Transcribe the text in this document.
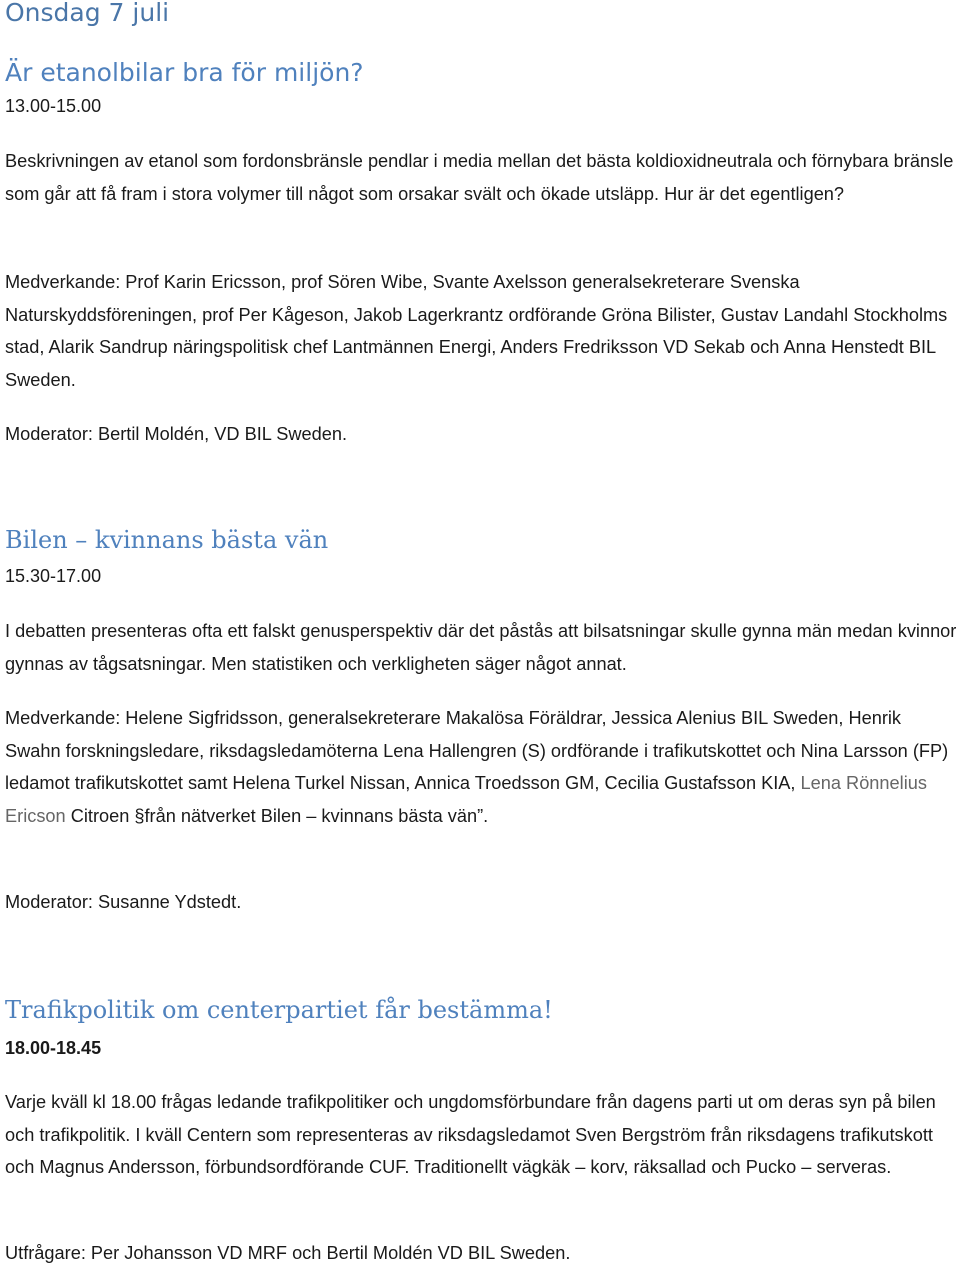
Onsdag 7 juli
Är etanolbilar bra för miljön?

13.00-15.00

Beskrivningen av etanol som fordonsbränsle pendlar i media mellan det bästa koldioxidneutrala och förnybara bränsle som går att få fram i stora volymer till något som orsakar svält och ökade utsläpp. Hur är det egentligen?

Medverkande: Prof Karin Ericsson, prof Sören Wibe, Svante Axelsson generalsekreterare Svenska Naturskyddsföreningen, prof Per Kågeson, Jakob Lagerkrantz ordförande Gröna Bilister, Gustav Landahl Stockholms stad, Alarik Sandrup näringspolitisk chef Lantmännen Energi, Anders Fredriksson VD Sekab och Anna Henstedt BIL Sweden.

Moderator: Bertil Moldén, VD BIL Sweden.

Bilen – kvinnans bästa vän

15.30-17.00

I debatten presenteras ofta ett falskt genusperspektiv där det påstås att bilsatsningar skulle gynna män medan kvinnor gynnas av tågsatsningar. Men statistiken och verkligheten säger något annat.

Medverkande: Helene Sigfridsson, generalsekreterare Makalösa Föräldrar, Jessica Alenius BIL Sweden, Henrik Swahn forskningsledare, riksdagsledamöterna Lena Hallengren (S) ordförande i trafikutskottet och Nina Larsson (FP) ledamot trafikutskottet samt Helena Turkel Nissan, Annica Troedsson GM, Cecilia Gustafsson KIA, Lena Rönnelius Ericson Citroen §från nätverket Bilen – kvinnans bästa vän”.

Moderator: Susanne Ydstedt.

Trafikpolitik om centerpartiet får bestämma!

18.00-18.45

Varje kväll kl 18.00 frågas ledande trafikpolitiker och ungdomsförbundare från dagens parti ut om deras syn på bilen och trafikpolitik. I kväll Centern som representeras av riksdagsledamot Sven Bergström från riksdagens trafikutskott och Magnus Andersson, förbundsordförande CUF. Traditionellt vägkäk – korv, räksallad och Pucko – serveras.

Utfrågare: Per Johansson VD MRF och Bertil Moldén VD BIL Sweden.
